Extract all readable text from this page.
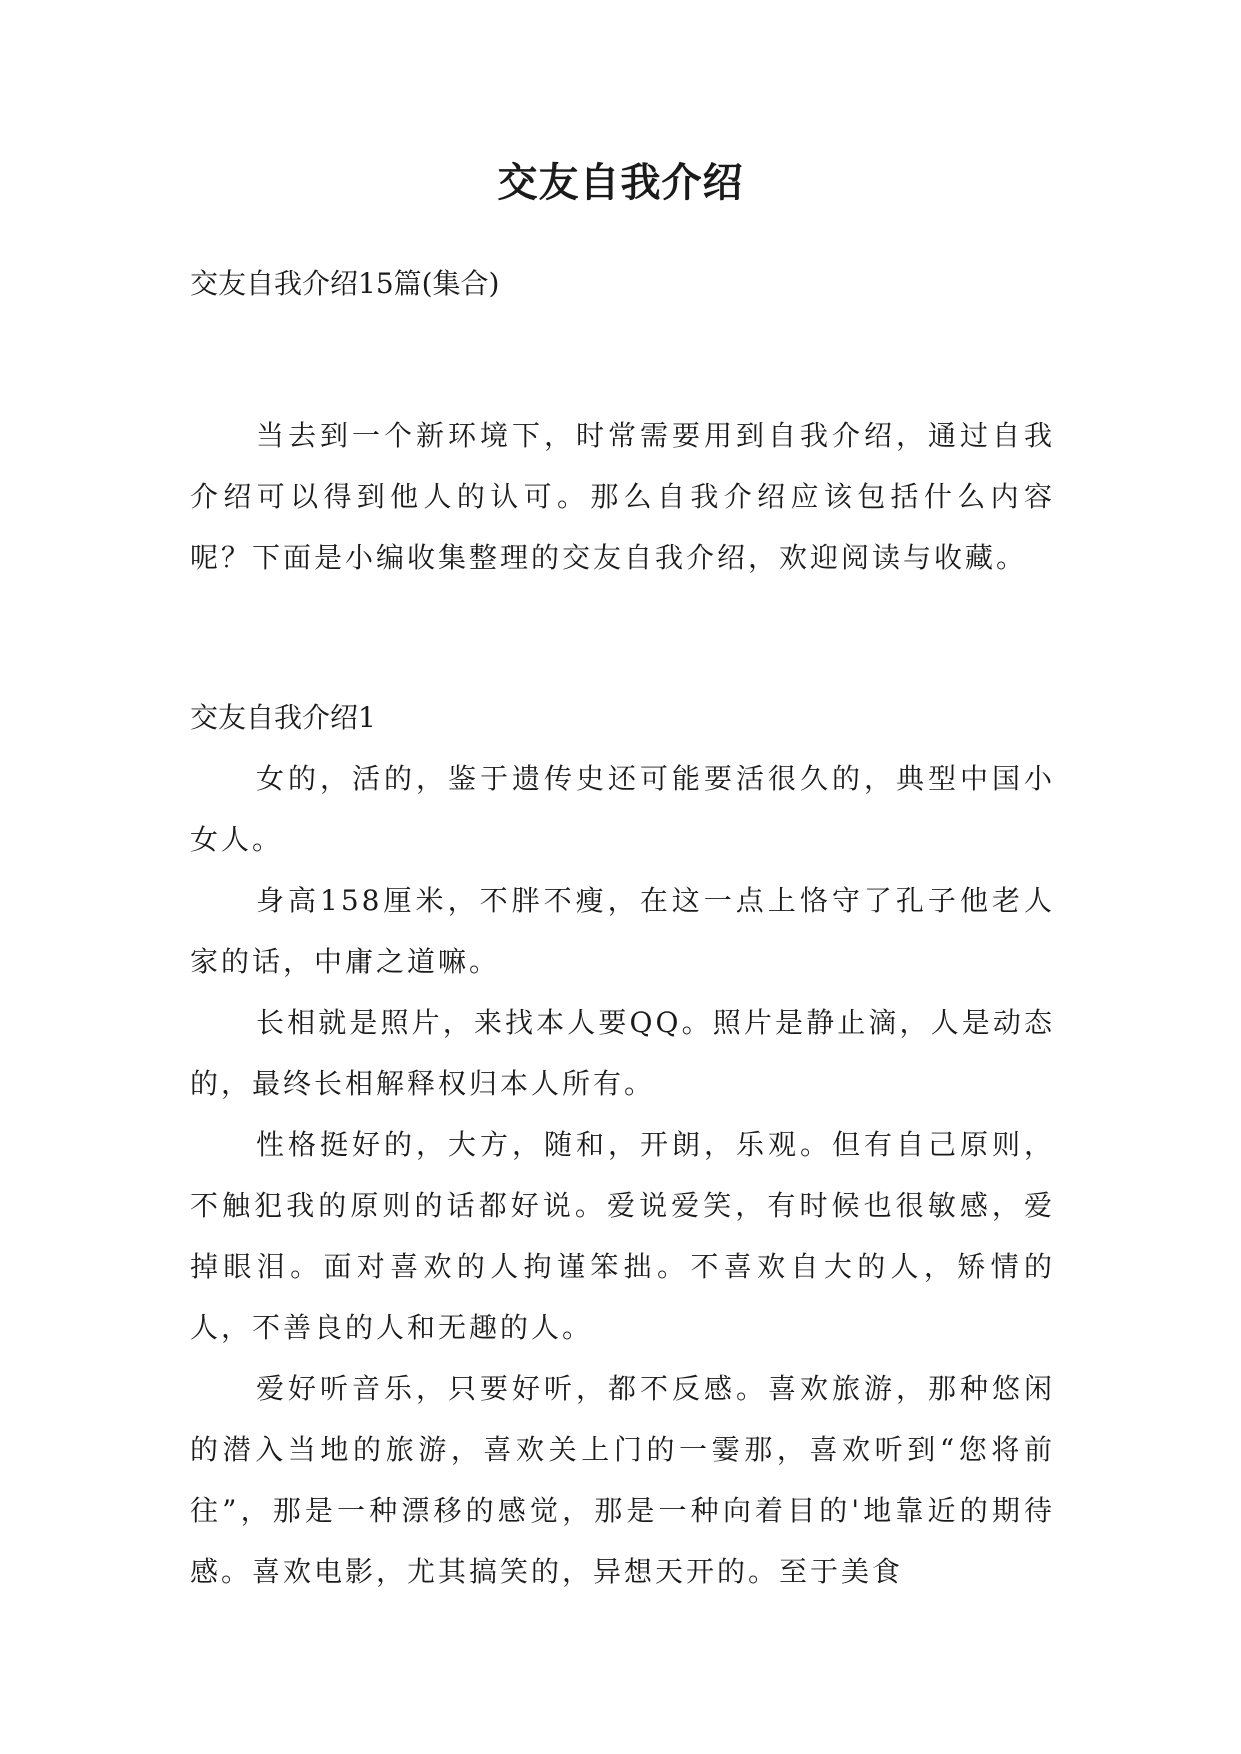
交友自我介绍
交友自我介绍15篇(集合)

当去到一个新环境下，时常需要用到自我介绍，通过自我介绍可以得到他人的认可。那么自我介绍应该包括什么内容呢？下面是小编收集整理的交友自我介绍，欢迎阅读与收藏。

交友自我介绍1

女的，活的，鉴于遗传史还可能要活很久的，典型中国小女人。

身高158厘米，不胖不瘦，在这一点上恪守了孔子他老人家的话，中庸之道嘛。

长相就是照片，来找本人要QQ。照片是静止滴，人是动态的，最终长相解释权归本人所有。

性格挺好的，大方，随和，开朗，乐观。但有自己原则，不触犯我的原则的话都好说。爱说爱笑，有时候也很敏感，爱掉眼泪。面对喜欢的人拘谨笨拙。不喜欢自大的人，矫情的人，不善良的人和无趣的人。

爱好听音乐，只要好听，都不反感。喜欢旅游，那种悠闲的潜入当地的旅游，喜欢关上门的一霎那，喜欢听到“您将前往”，那是一种漂移的感觉，那是一种向着目的'地靠近的期待感。喜欢电影，尤其搞笑的，异想天开的。至于美食
